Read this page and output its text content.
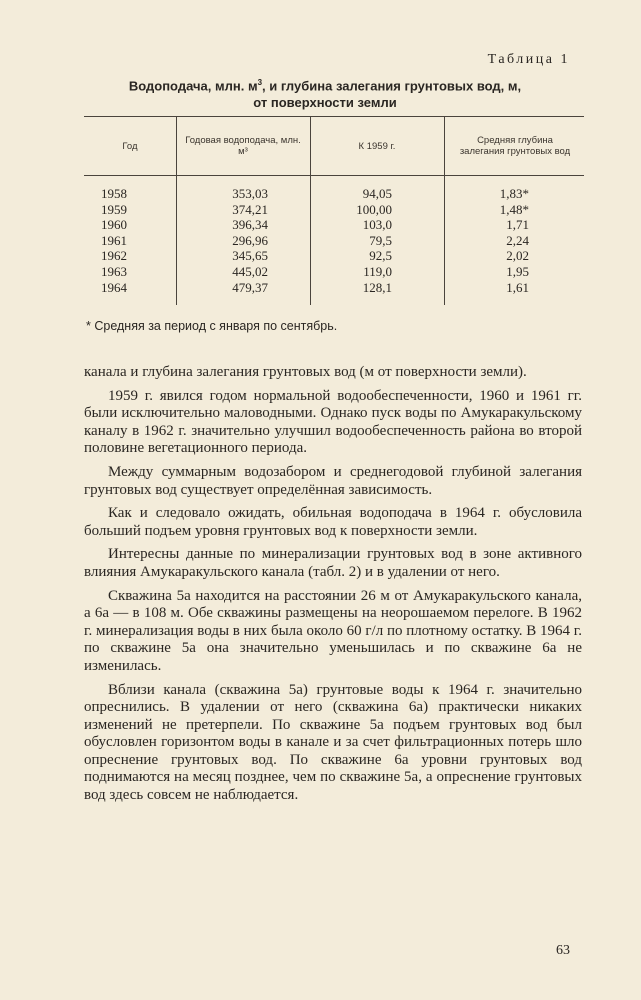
Таблица 1
Водоподача, млн. $м^3$, и глубина залегания грунтовых вод, м,
от поверхности земли
Год	Годовая водоподача, млн. м³	К 1959 г.	Средняя глубина залегания грунтовых вод
1958	353,03	94,05	1,83*
1959	374,21	100,00	1,48*
1960	396,34	103,0	1,71
1961	296,96	79,5	2,24
1962	345,65	92,5	2,02
1963	445,02	119,0	1,95
1964	479,37	128,1	1,61
* Средняя за период с января по сентябрь.

канала и глубина залегания грунтовых вод (м от поверхности земли).

1959 г. явился годом нормальной водообеспеченности, 1960 и 1961 гг. были исключительно маловодными. Однако пуск воды по Амукаракульскому каналу в 1962 г. значительно улучшил водообеспеченность района во второй половине вегетационного периода.

Между суммарным водозабором и среднегодовой глубиной залегания грунтовых вод существует определённая зависимость.

Как и следовало ожидать, обильная водоподача в 1964 г. обусловила больший подъем уровня грунтовых вод к поверхности земли.

Интересны данные по минерализации грунтовых вод в зоне активного влияния Амукаракульского канала (табл. 2) и в удалении от него.

Скважина 5а находится на расстоянии 26 м от Амукаракульского канала, а 6а — в 108 м. Обе скважины размещены на неорошаемом перелоге. В 1962 г. минерализация воды в них была около 60 г/л по плотному остатку. В 1964 г. по скважине 5а она значительно уменьшилась и по скважине 6а не изменилась.

Вблизи канала (скважина 5а) грунтовые воды к 1964 г. значительно опреснились. В удалении от него (скважина 6а) практически никаких изменений не претерпели. По скважине 5а подъем грунтовых вод был обусловлен горизонтом воды в канале и за счет фильтрационных потерь шло опреснение грунтовых вод. По скважине 6а уровни грунтовых вод поднимаются на месяц позднее, чем по скважине 5а, а опреснение грунтовых вод здесь совсем не наблюдается.

63
